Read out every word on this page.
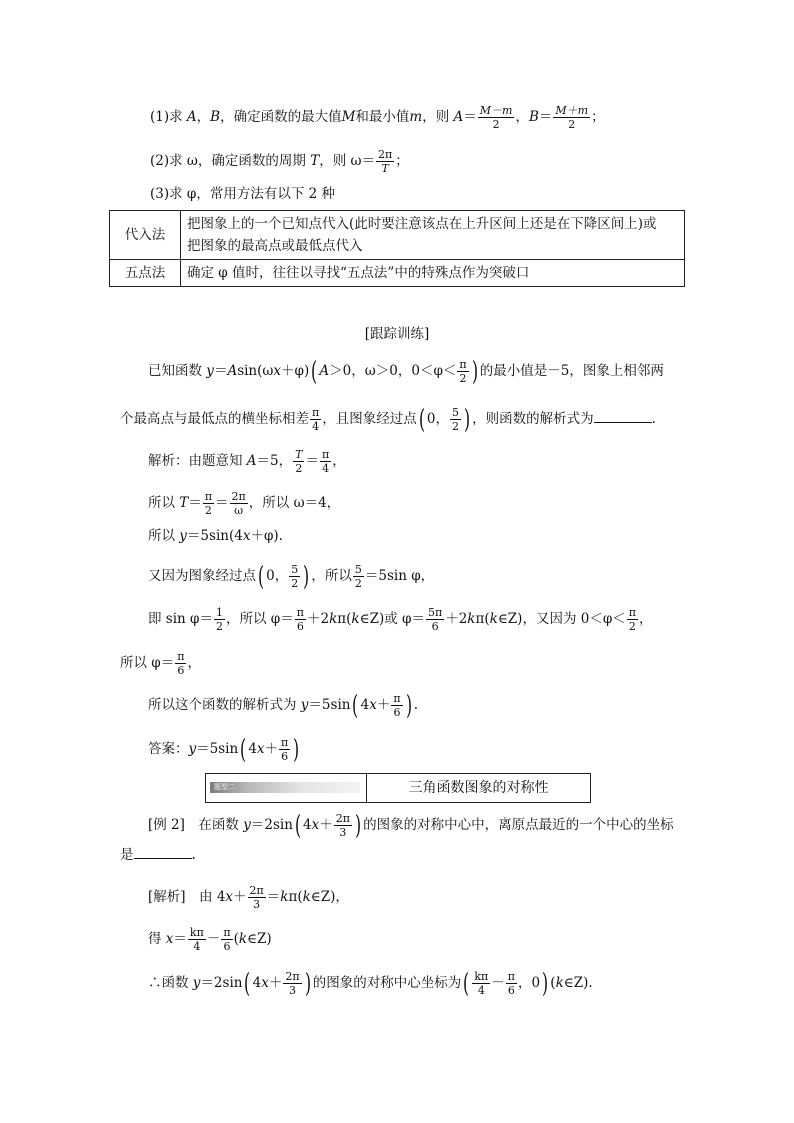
(1)求 A，B，确定函数的最大值M和最小值m，则 $A= \frac{M-m}{2}$ ，$B= \frac{M+m}{2}$ ；
(2)求 ω，确定函数的周期 T，则 $\omega= \frac{2\pi}{T}$ ；
(3)求 φ，常用方法有以下 2 种
代入法	把图象上的一个已知点代入(此时要注意该点在上升区间上还是在下降区间上)或
把图象的最高点或最低点代入
五点法	确定 φ 值时，往往以寻找“五点法”中的特殊点作为突破口
[跟踪训练]
已知函数 y＝Asin(ωx＋φ)( A＞0，ω＞0，$0<\varphi< \frac{\pi}{2}$ ) 的最小值是－5，图象上相邻两
个最高点与最低点的横坐标相差 $\frac{\pi}{4}$ ，且图象经过点( 0， $\frac{5}{2}$ ) ，则函数的解析式为	.
解析：由题意知 A＝5， $\frac{T}{2} = \frac{\pi}{4}$ ，
所以 $T= \frac{\pi}{2} = \frac{2\pi}{\omega}$ ，所以 ω＝4，
所以 y＝5sin(4x＋φ).
又因为图象经过点( 0， $\frac{5}{2}$ ) ，所以 $\frac{5}{2} =5\sin$ φ，
即 $\sin \varphi= \frac{1}{2}$ ，所以 $\varphi= \frac{\pi}{6}$ ＋2kπ(k∈Z)或 $\varphi= \frac{5\pi}{6}$ ＋2kπ(k∈Z)，又因为 $0<\varphi< \frac{\pi}{2}$ ，
所以 $\varphi= \frac{\pi}{6}$ ，
所以这个函数的解析式为 y＝5sin( $4x+ \frac{\pi}{6}$ ) .
答案：y＝5sin( $4x+ \frac{\pi}{6}$ )
题型二	三角函数图象的对称性
[例 2]　在函数 y＝2sin( $4x+ \frac{2\pi}{3}$ ) 的图象的对称中心中，离原点最近的一个中心的坐标
是	.
[解析]　由 $4x+ \frac{2\pi}{3}$ ＝kπ(k∈Z)，
得 $x= \frac{k\pi}{4} - \frac{\pi}{6}$ (k∈Z)
∴函数 y＝2sin( $4x+ \frac{2\pi}{3}$ ) 的图象的对称中心坐标为( $\frac{k\pi}{4} - \frac{\pi}{6}$ ，0) (k∈Z).
